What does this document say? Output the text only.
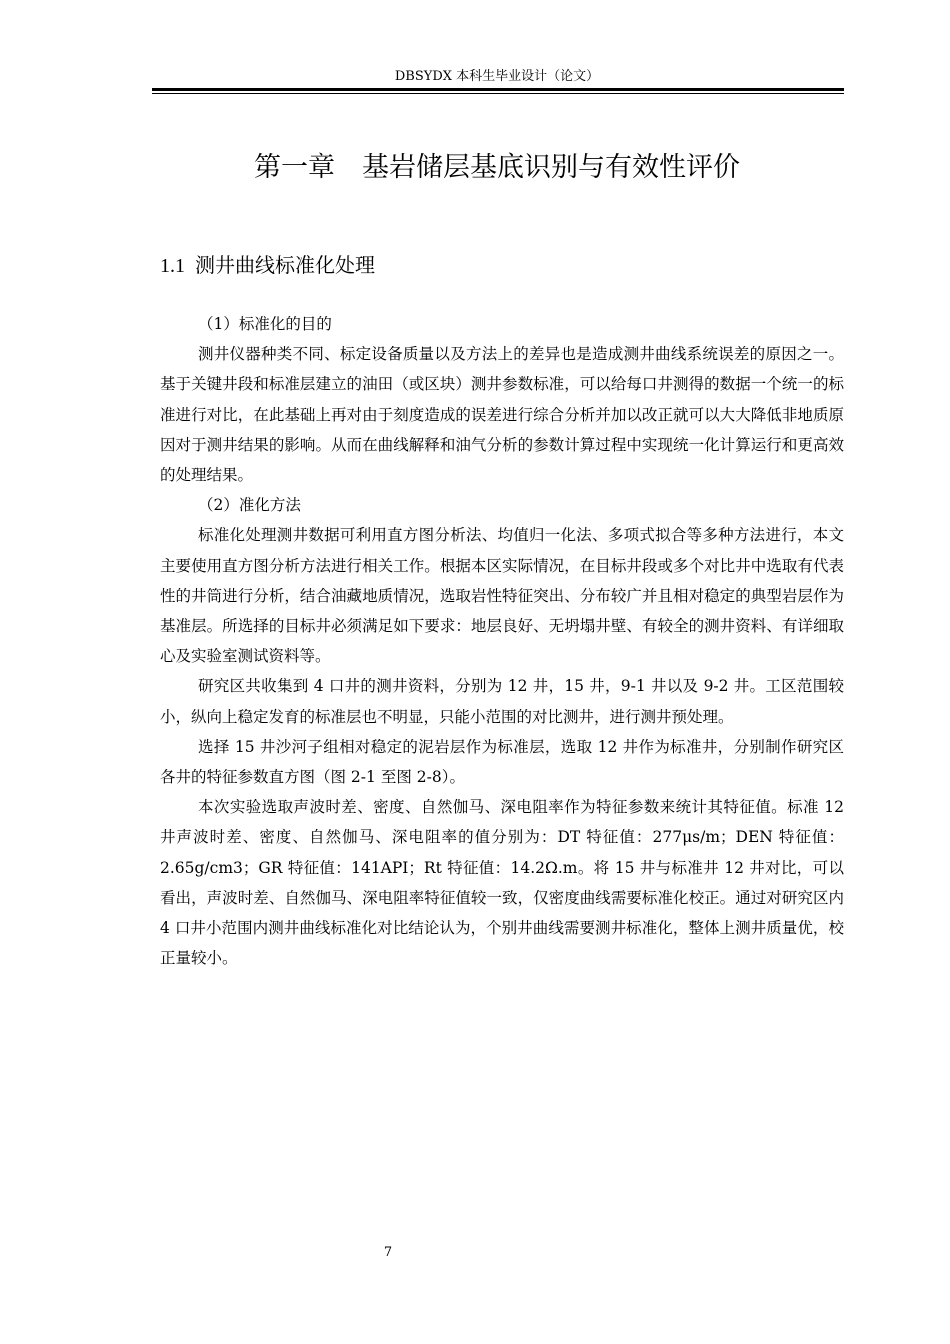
DBSYDX 本科生毕业设计（论文）
第一章　基岩储层基底识别与有效性评价
1.1 测井曲线标准化处理

（1）标准化的目的

测井仪器种类不同、标定设备质量以及方法上的差异也是造成测井曲线系统误差的原因之一。基于关键井段和标准层建立的油田（或区块）测井参数标准，可以给每口井测得的数据一个统一的标准进行对比，在此基础上再对由于刻度造成的误差进行综合分析并加以改正就可以大大降低非地质原因对于测井结果的影响。从而在曲线解释和油气分析的参数计算过程中实现统一化计算运行和更高效的处理结果。

（2）准化方法

标准化处理测井数据可利用直方图分析法、均值归一化法、多项式拟合等多种方法进行，本文主要使用直方图分析方法进行相关工作。根据本区实际情况，在目标井段或多个对比井中选取有代表性的井筒进行分析，结合油藏地质情况，选取岩性特征突出、分布较广并且相对稳定的典型岩层作为基准层。所选择的目标井必须满足如下要求：地层良好、无坍塌井壁、有较全的测井资料、有详细取心及实验室测试资料等。

研究区共收集到 4 口井的测井资料，分别为 12 井，15 井，9-1 井以及 9-2 井。工区范围较小，纵向上稳定发育的标准层也不明显，只能小范围的对比测井，进行测井预处理。

选择 15 井沙河子组相对稳定的泥岩层作为标准层，选取 12 井作为标准井，分别制作研究区各井的特征参数直方图（图 2-1 至图 2-8）。

本次实验选取声波时差、密度、自然伽马、深电阻率作为特征参数来统计其特征值。标准 12 井声波时差、密度、自然伽马、深电阻率的值分别为：DT 特征值：277μs/m；DEN 特征值：2.65g/cm3；GR 特征值：141API；Rt 特征值：14.2Ω.m。将 15 井与标准井 12 井对比，可以看出，声波时差、自然伽马、深电阻率特征值较一致，仅密度曲线需要标准化校正。通过对研究区内 4 口井小范围内测井曲线标准化对比结论认为，个别井曲线需要测井标准化，整体上测井质量优，校正量较小。

7
